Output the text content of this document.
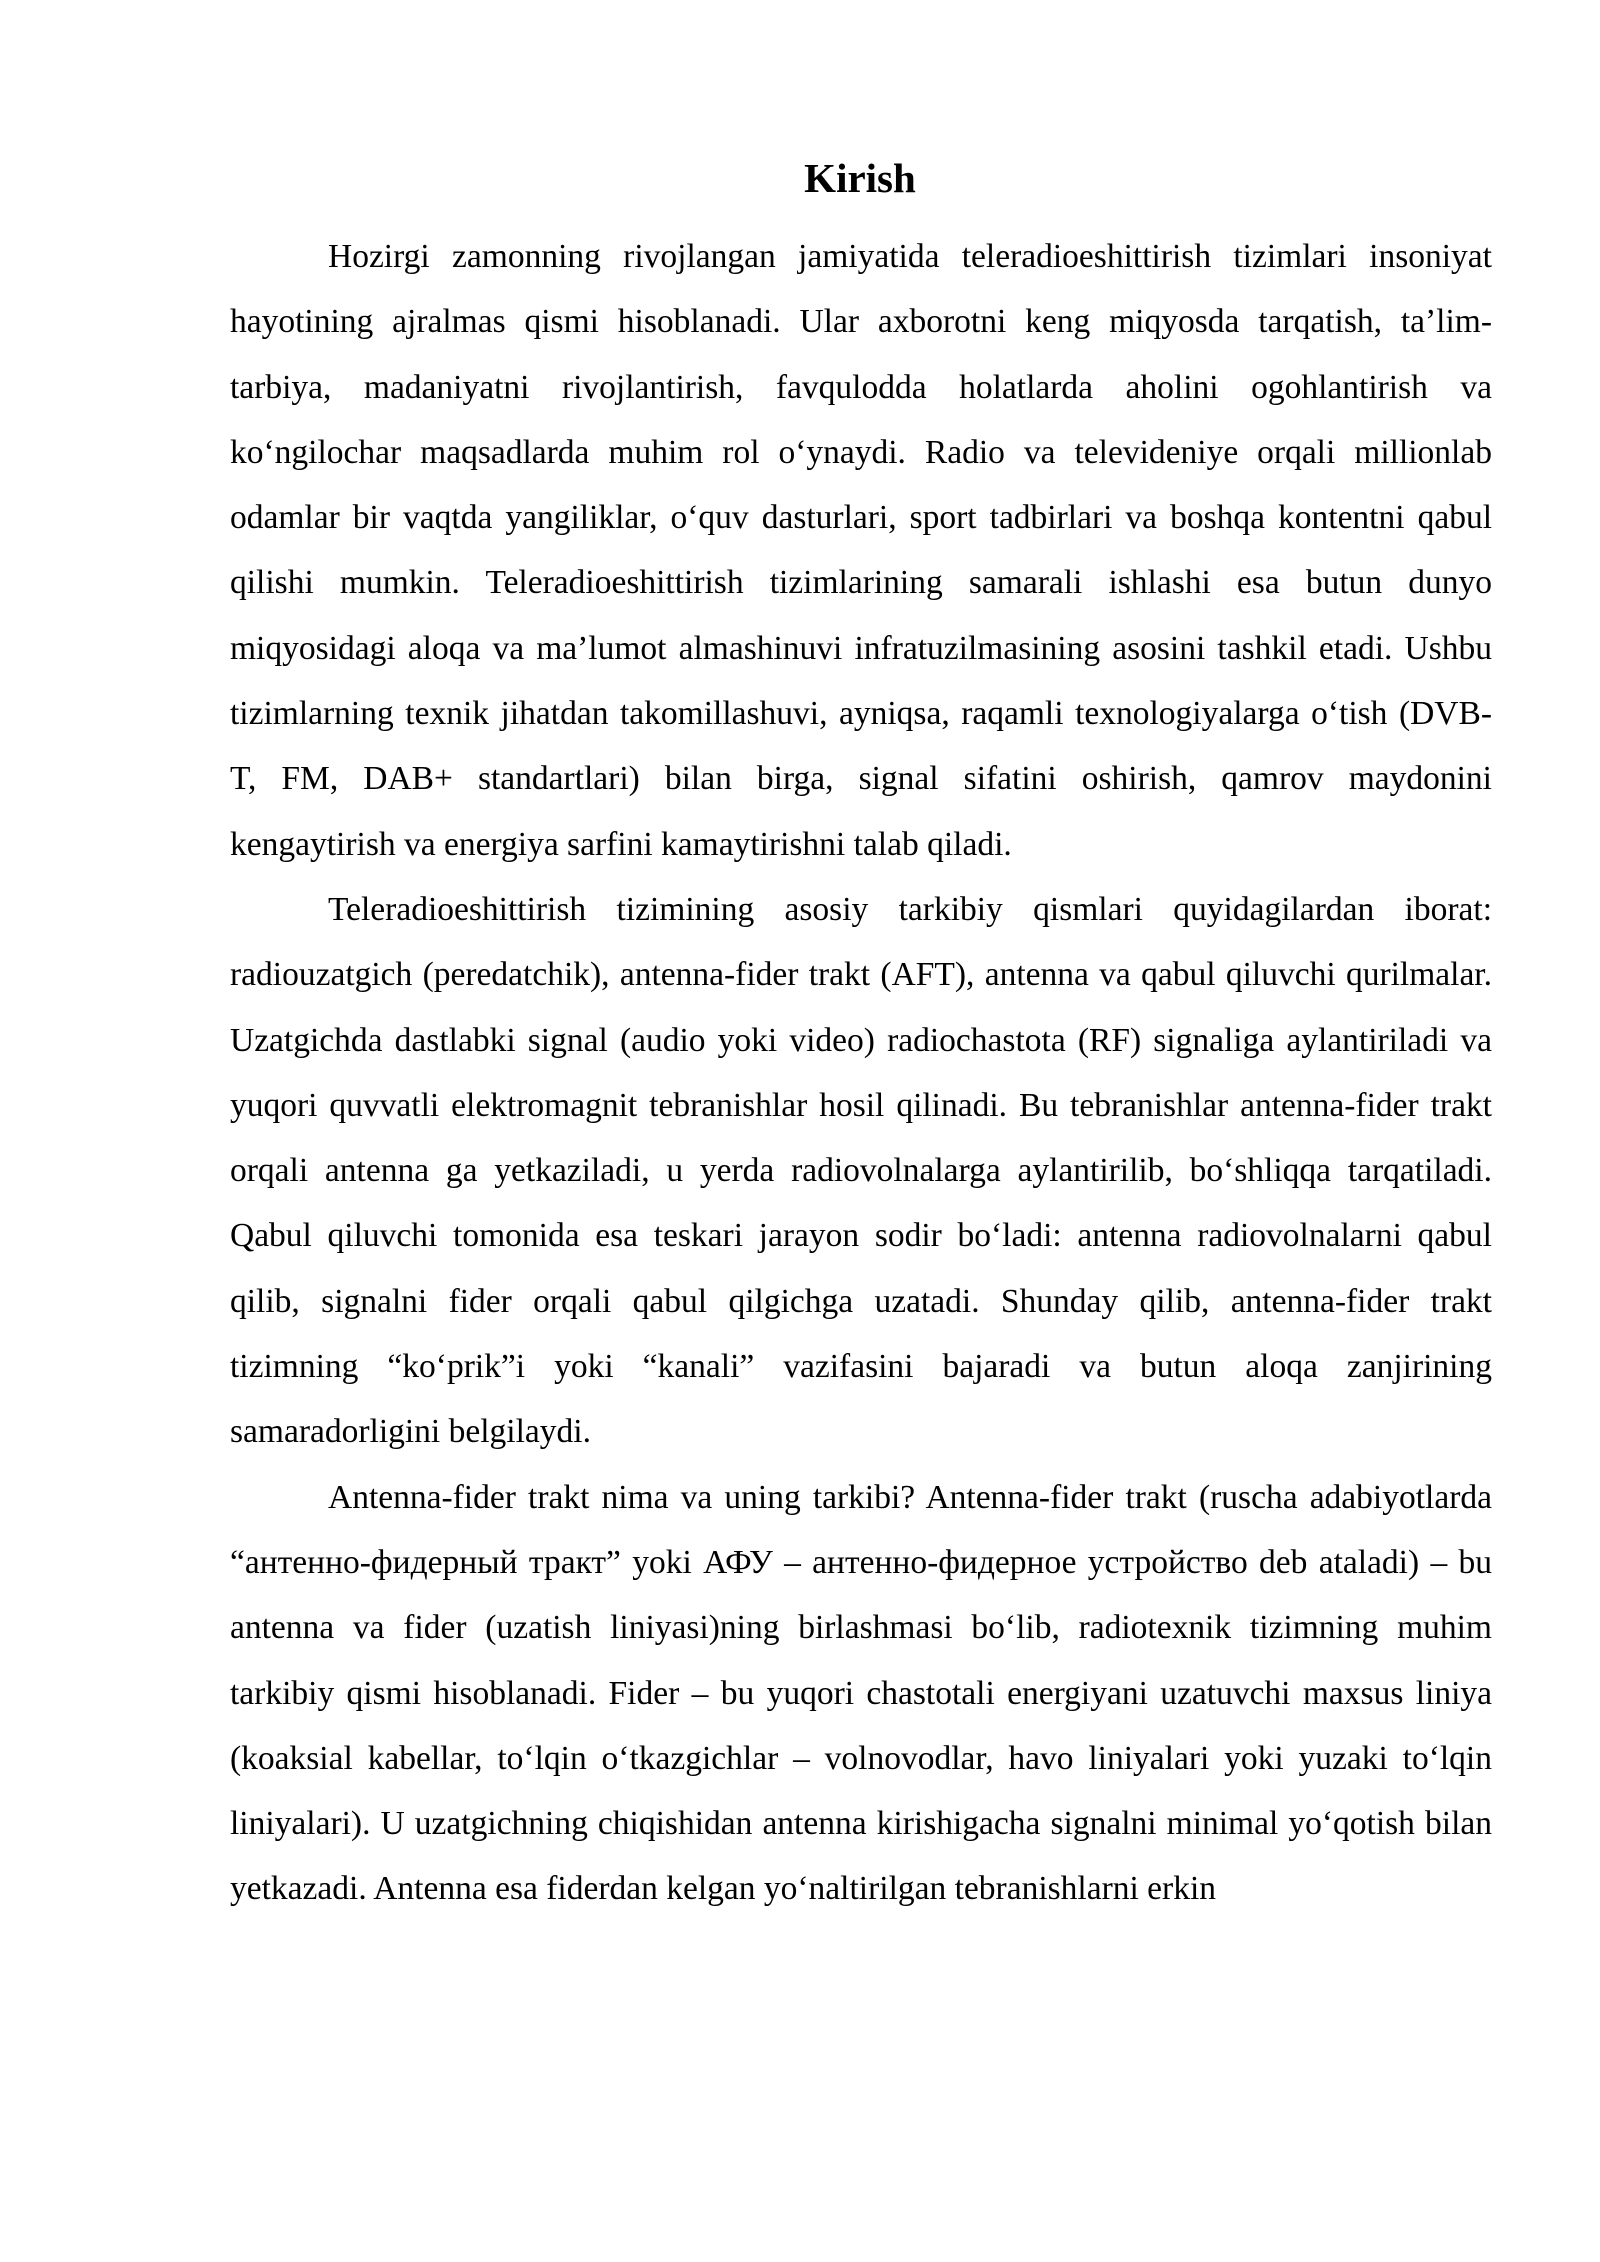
Kirish

Hozirgi zamonning rivojlangan jamiyatida teleradioeshittirish tizimlari insoniyat hayotining ajralmas qismi hisoblanadi. Ular axborotni keng miqyosda tarqatish, ta’lim-tarbiya, madaniyatni rivojlantirish, favqulodda holatlarda aholini ogohlantirish va ko‘ngilochar maqsadlarda muhim rol o‘ynaydi. Radio va televideniye orqali millionlab odamlar bir vaqtda yangiliklar, o‘quv dasturlari, sport tadbirlari va boshqa kontentni qabul qilishi mumkin. Teleradioeshittirish tizimlarining samarali ishlashi esa butun dunyo miqyosidagi aloqa va ma’lumot almashinuvi infratuzilmasining asosini tashkil etadi. Ushbu tizimlarning texnik jihatdan takomillashuvi, ayniqsa, raqamli texnologiyalarga o‘tish (DVB-T, FM, DAB+ standartlari) bilan birga, signal sifatini oshirish, qamrov maydonini kengaytirish va energiya sarfini kamaytirishni talab qiladi.

Teleradioeshittirish tizimining asosiy tarkibiy qismlari quyidagilardan iborat: radiouzatgich (peredatchik), antenna-fider trakt (AFT), antenna va qabul qiluvchi qurilmalar. Uzatgichda dastlabki signal (audio yoki video) radiochastota (RF) signaliga aylantiriladi va yuqori quvvatli elektromagnit tebranishlar hosil qilinadi. Bu tebranishlar antenna-fider trakt orqali antenna ga yetkaziladi, u yerda radiovolnalarga aylantirilib, bo‘shliqqa tarqatiladi. Qabul qiluvchi tomonida esa teskari jarayon sodir bo‘ladi: antenna radiovolnalarni qabul qilib, signalni fider orqali qabul qilgichga uzatadi. Shunday qilib, antenna-fider trakt tizimning “ko‘prik”i yoki “kanali” vazifasini bajaradi va butun aloqa zanjirining samaradorligini belgilaydi.

Antenna-fider trakt nima va uning tarkibi? Antenna-fider trakt (ruscha adabiyotlarda “антенно-фидерный тракт” yoki АФУ – антенно-фидерное устройство deb ataladi) – bu antenna va fider (uzatish liniyasi)ning birlashmasi bo‘lib, radiotexnik tizimning muhim tarkibiy qismi hisoblanadi. Fider – bu yuqori chastotali energiyani uzatuvchi maxsus liniya (koaksial kabellar, to‘lqin o‘tkazgichlar – volnovodlar, havo liniyalari yoki yuzaki to‘lqin liniyalari). U uzatgichning chiqishidan antenna kirishigacha signalni minimal yo‘qotish bilan yetkazadi. Antenna esa fiderdan kelgan yo‘naltirilgan tebranishlarni erkin
